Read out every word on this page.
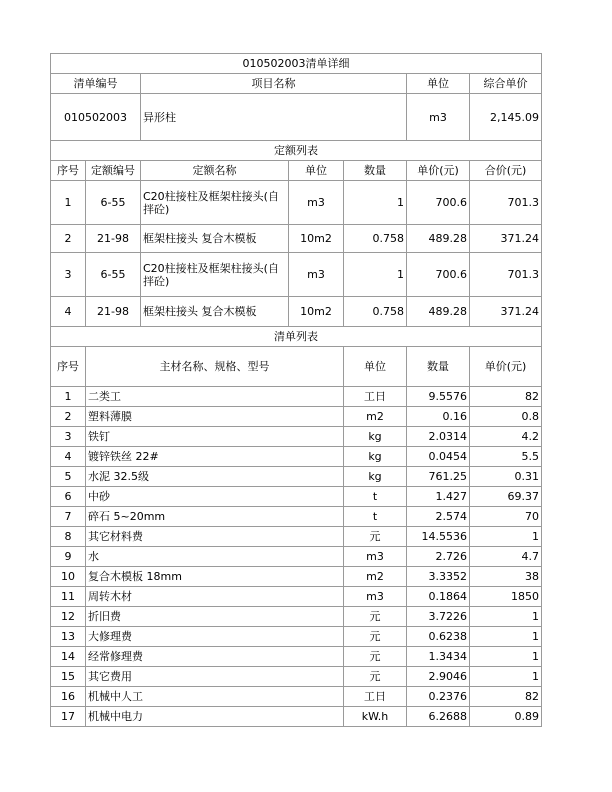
010502003清单详细							
清单编号		项目名称			单位	综合单价	
010502003		异形柱			m3	2,145.09	
定额列表							
序号	定额编号	定额名称	单位	数量	单价(元)	合价(元)	
1	6-55	C20柱接柱及框架柱接头(自拌砼)	m3	1	700.6	701.3	
2	21-98	框架柱接头 复合木模板	10m2	0.758	489.28	371.24	
3	6-55	C20柱接柱及框架柱接头(自拌砼)	m3	1	700.6	701.3	
4	21-98	框架柱接头 复合木模板	10m2	0.758	489.28	371.24	
清单列表							
序号	主材名称、规格、型号			单位	数量	单价(元)	
1	二类工			工日	9.5576	82	
2	塑料薄膜			m2	0.16	0.8	
3	铁钉			kg	2.0314	4.2	
4	镀锌铁丝 22#			kg	0.0454	5.5	
5	水泥 32.5级			kg	761.25	0.31	
6	中砂			t	1.427	69.37	
7	碎石 5~20mm			t	2.574	70	
8	其它材料费			元	14.5536	1	
9	水			m3	2.726	4.7	
10	复合木模板 18mm			m2	3.3352	38	
11	周转木材			m3	0.1864	1850	
12	折旧费			元	3.7226	1	
13	大修理费			元	0.6238	1	
14	经常修理费			元	1.3434	1	
15	其它费用			元	2.9046	1	
16	机械中人工			工日	0.2376	82	
17	机械中电力			kW.h	6.2688	0.89	
